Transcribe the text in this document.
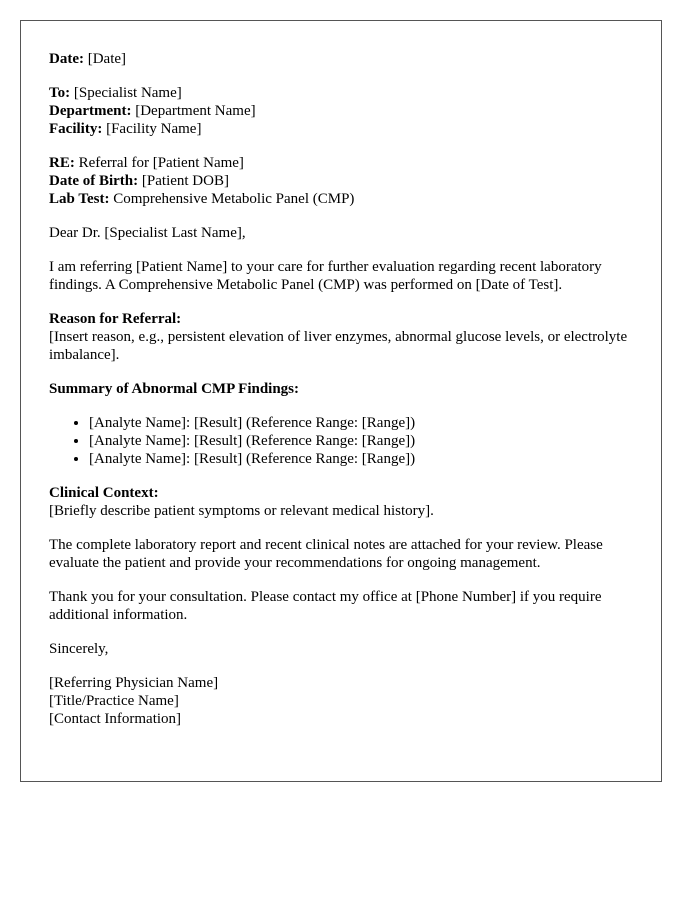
Date: [Date]
To: [Specialist Name]
Department: [Department Name]
Facility: [Facility Name]
RE: Referral for [Patient Name]
Date of Birth: [Patient DOB]
Lab Test: Comprehensive Metabolic Panel (CMP)

Dear Dr. [Specialist Last Name],

I am referring [Patient Name] to your care for further evaluation regarding recent laboratory findings. A Comprehensive Metabolic Panel (CMP) was performed on [Date of Test].

Reason for Referral:
[Insert reason, e.g., persistent elevation of liver enzymes, abnormal glucose levels, or electrolyte imbalance].
Summary of Abnormal CMP Findings:
• [Analyte Name]: [Result] (Reference Range: [Range])
• [Analyte Name]: [Result] (Reference Range: [Range])
• [Analyte Name]: [Result] (Reference Range: [Range])
Clinical Context:
[Briefly describe patient symptoms or relevant medical history].

The complete laboratory report and recent clinical notes are attached for your review. Please evaluate the patient and provide your recommendations for ongoing management.

Thank you for your consultation. Please contact my office at [Phone Number] if you require additional information.

Sincerely,

[Referring Physician Name]
[Title/Practice Name]
[Contact Information]
